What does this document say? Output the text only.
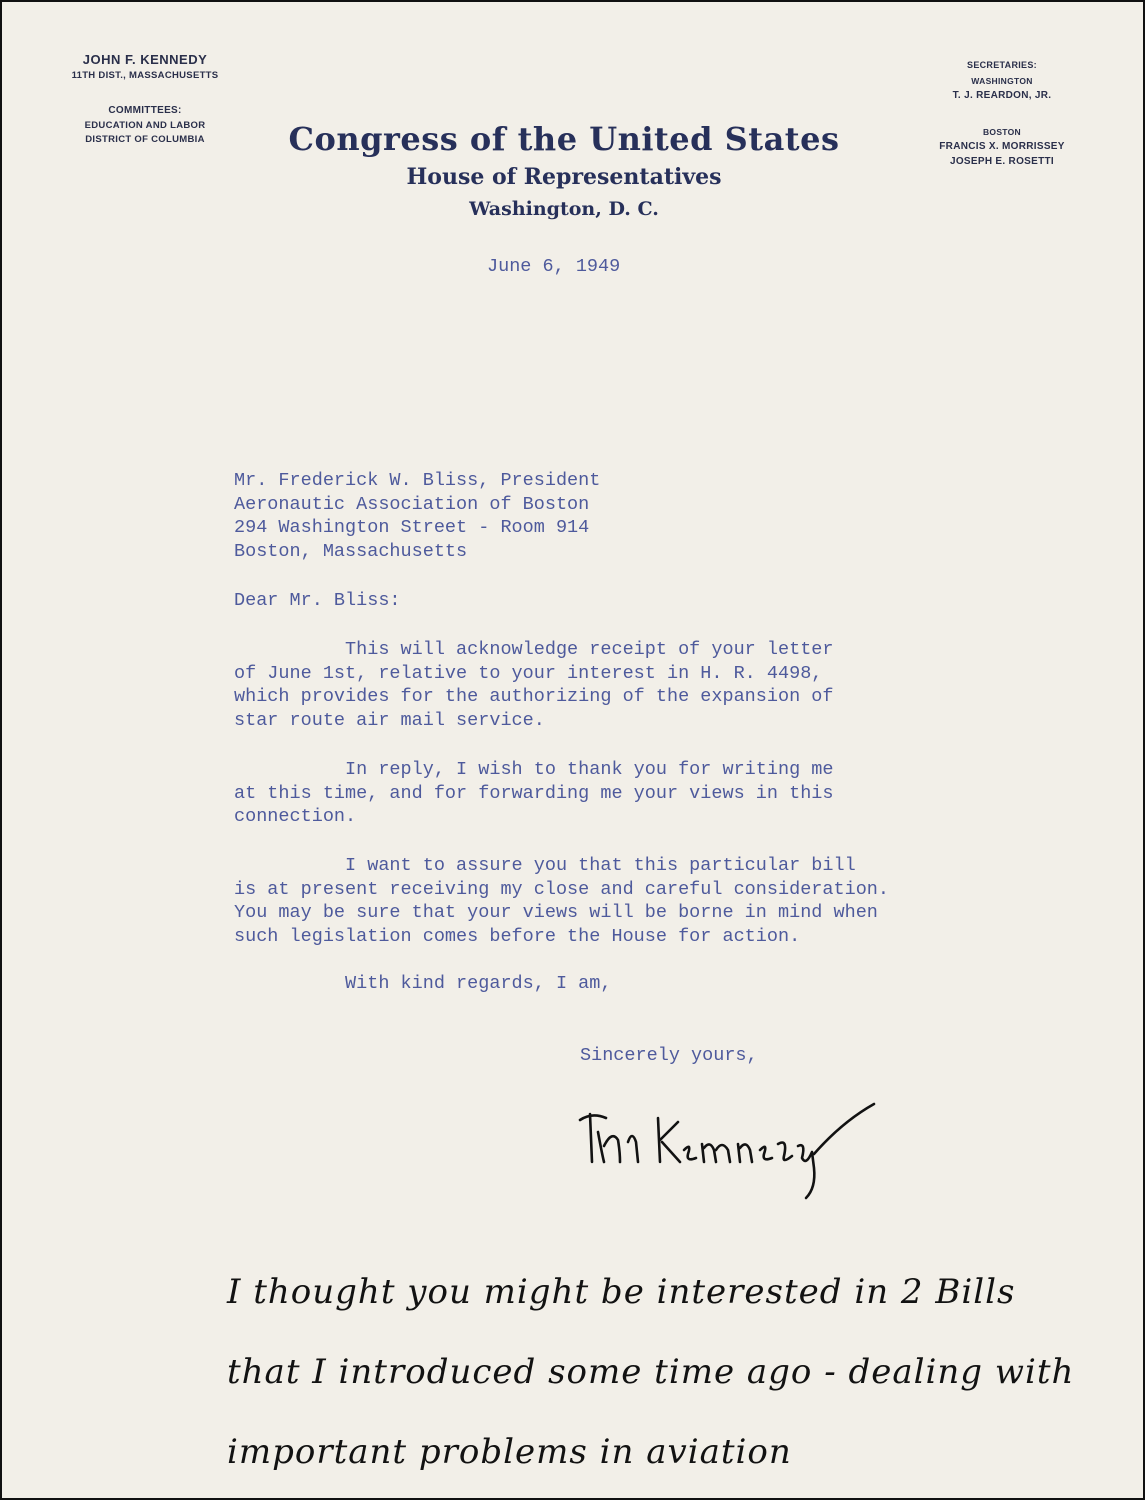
JOHN F. KENNEDY
11TH DIST., MASSACHUSETTS
COMMITTEES:
EDUCATION AND LABOR
DISTRICT OF COLUMBIA	Congress of the United States
House of Representatives
Washington, D. C.
SECRETARIES:
WASHINGTON
T. J. REARDON, JR.
BOSTON
FRANCIS X. MORRISSEY
JOSEPH E. ROSETTI
June 6, 1949
Mr. Frederick W. Bliss, President
Aeronautic Association of Boston
294 Washington Street - Room 914
Boston, Massachusetts
Dear Mr. Bliss:
This will acknowledge receipt of your letter
of June 1st, relative to your interest in H. R. 4498,
which provides for the authorizing of the expansion of
star route air mail service.
In reply, I wish to thank you for writing me
at this time, and for forwarding me your views in this
connection.
I want to assure you that this particular bill
is at present receiving my close and careful consideration.
You may be sure that your views will be borne in mind when
such legislation comes before the House for action.
With kind regards, I am,
Sincerely yours,
I thought you might be interested in 2 Bills
that I introduced some time ago - dealing with
important problems in aviation
